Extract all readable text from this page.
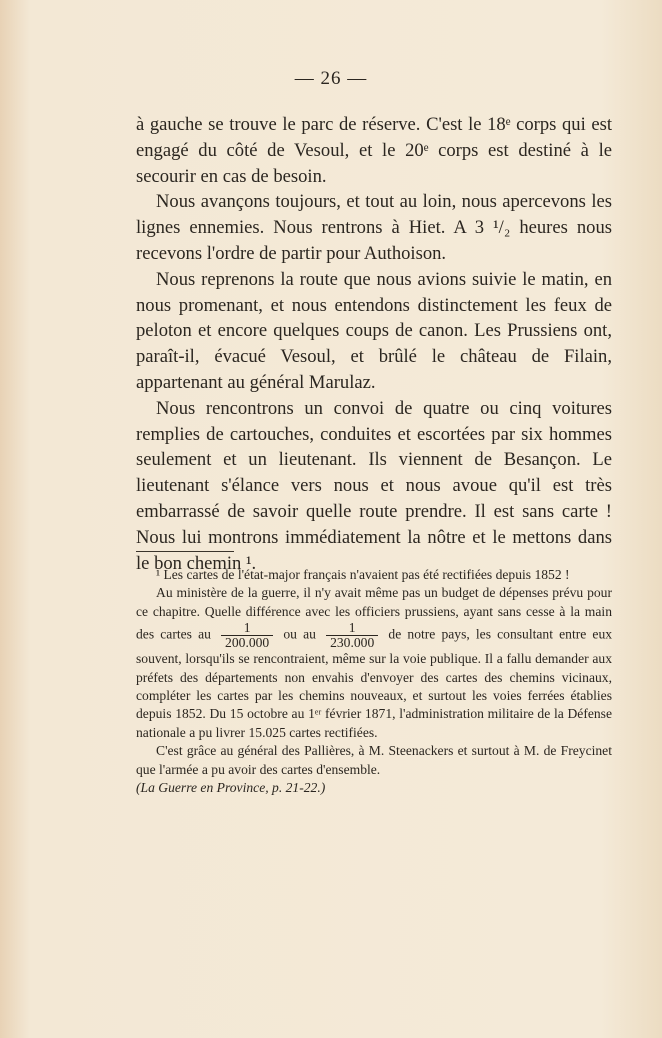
— 26 —

à gauche se trouve le parc de réserve. C'est le 18ᵉ corps qui est engagé du côté de Vesoul, et le 20ᵉ corps est destiné à le secourir en cas de besoin.

Nous avançons toujours, et tout au loin, nous apercevons les lignes ennemies. Nous rentrons à Hiet. A 3 ¹/₂ heures nous recevons l'ordre de partir pour Authoison.

Nous reprenons la route que nous avions suivie le matin, en nous promenant, et nous entendons distinctement les feux de peloton et encore quelques coups de canon. Les Prussiens ont, paraît-il, évacué Vesoul, et brûlé le château de Filain, appartenant au général Marulaz.

Nous rencontrons un convoi de quatre ou cinq voitures remplies de cartouches, conduites et escortées par six hommes seulement et un lieutenant. Ils viennent de Besançon. Le lieutenant s'élance vers nous et nous avoue qu'il est très embarrassé de savoir quelle route prendre. Il est sans carte ! Nous lui montrons immédiatement la nôtre et le mettons dans le bon chemin ¹.

¹ Les cartes de l'état-major français n'avaient pas été rectifiées depuis 1852 !

Au ministère de la guerre, il n'y avait même pas un budget de dépenses prévu pour ce chapitre. Quelle différence avec les officiers prussiens, ayant sans cesse à la main des cartes au $\frac{1}{200.000}$ ou au $\frac{1}{230.000}$ de notre pays, les consultant entre eux souvent, lorsqu'ils se rencontraient, même sur la voie publique. Il a fallu demander aux préfets des départements non envahis d'envoyer des cartes des chemins vicinaux, compléter les cartes par les chemins nouveaux, et surtout les voies ferrées établies depuis 1852. Du 15 octobre au 1ᵉʳ février 1871, l'administration militaire de la Défense nationale a pu livrer 15.025 cartes rectifiées.

C'est grâce au général des Pallières, à M. Steenackers et surtout à M. de Freycinet que l'armée a pu avoir des cartes d'ensemble.

(La Guerre en Province, p. 21-22.)
